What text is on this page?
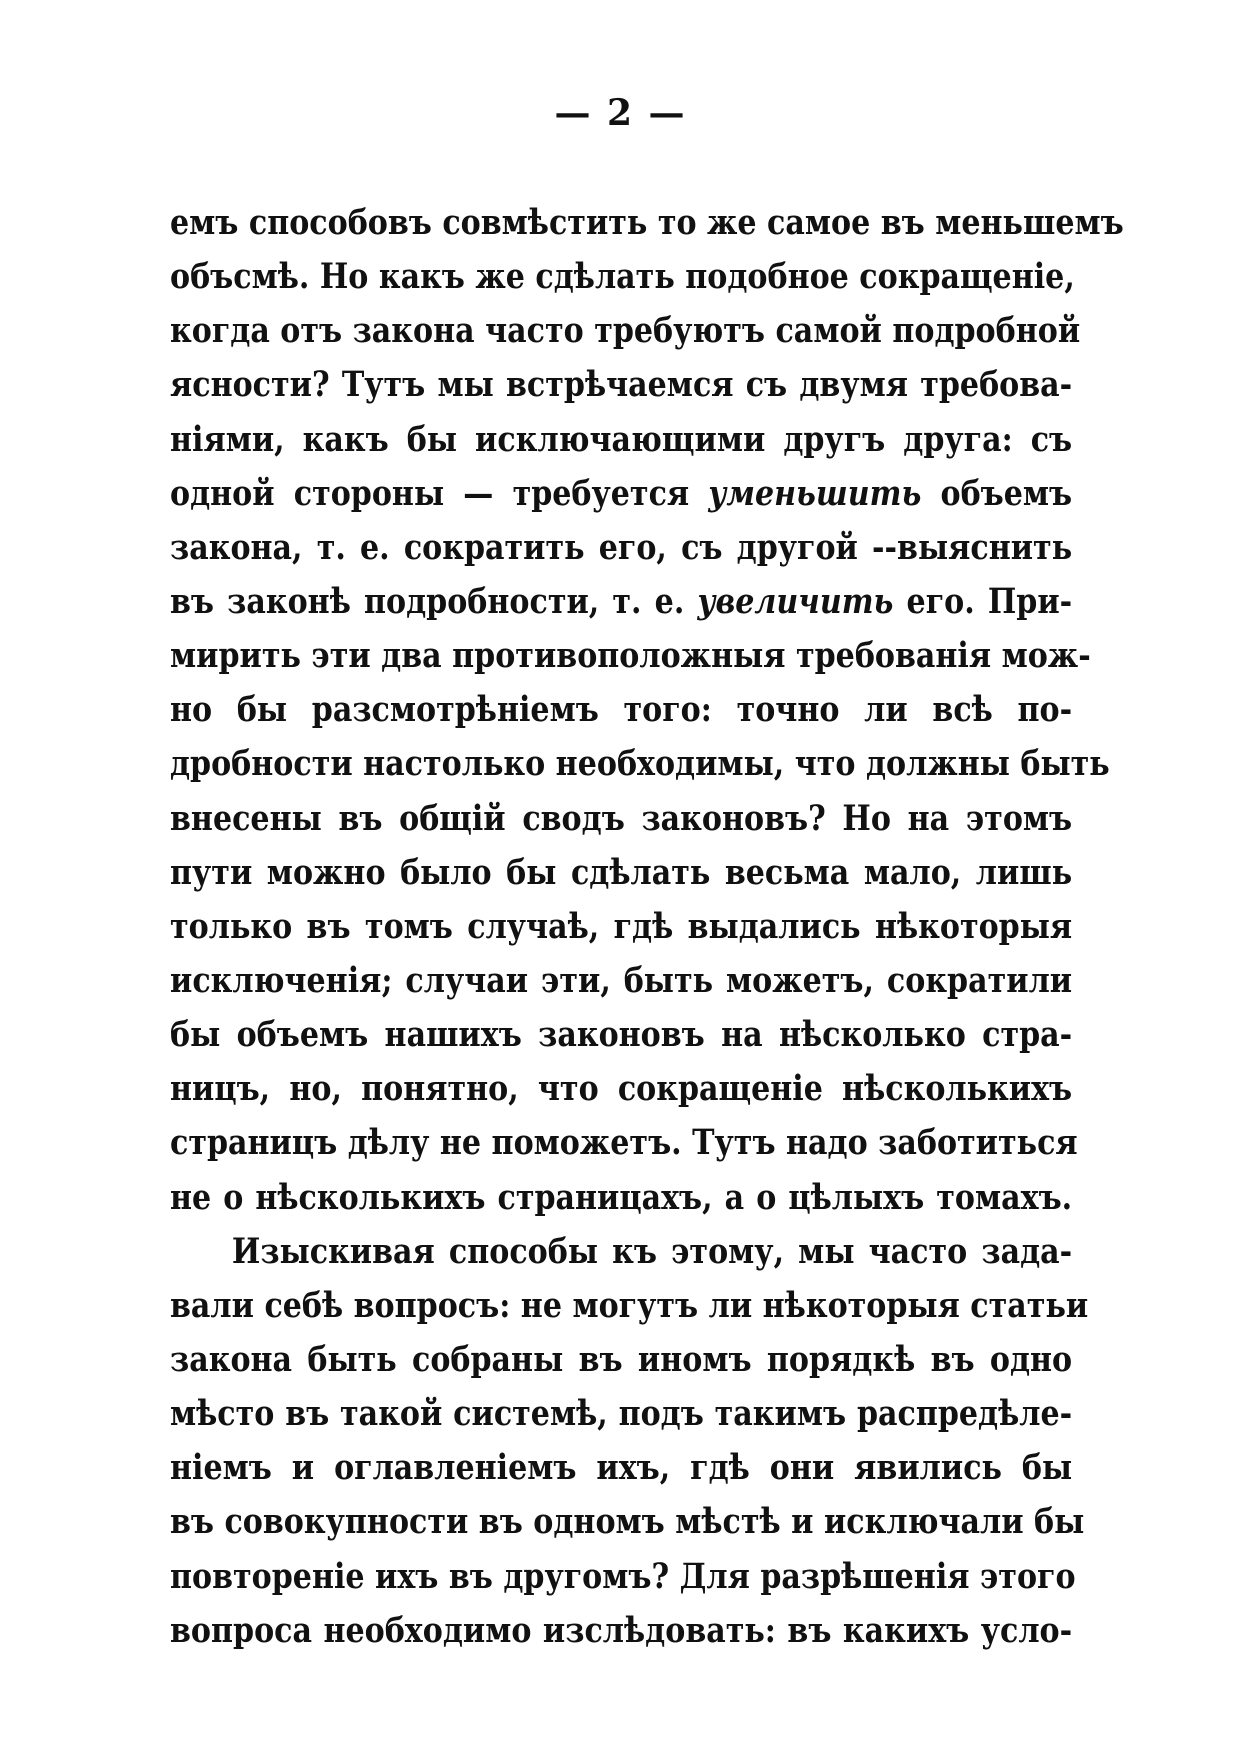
— 2 —
емъ способовъ совмѣстить то же самое въ меньшемъ
объсмѣ. Но какъ же сдѣлать подобное сокращеніе,
когда отъ закона часто требуютъ самой подробной
ясности? Тутъ мы встрѣчаемся съ двумя требова-
ніями, какъ бы исключающими другъ друга: съ
одной стороны — требуется уменьшить объемъ
закона, т. е. сократить его, съ другой --выяснить
въ законѣ подробности, т. е. увеличить его. При-
мирить эти два противоположныя требованія мож-
но бы разсмотрѣніемъ того: точно ли всѣ по-
дробности настолько необходимы, что должны быть
внесены въ общій сводъ законовъ? Но на этомъ
пути можно было бы сдѣлать весьма мало, лишь
только въ томъ случаѣ, гдѣ выдались нѣкоторыя
исключенія; случаи эти, быть можетъ, сократили
бы объемъ нашихъ законовъ на нѣсколько стра-
ницъ, но, понятно, что сокращеніе нѣсколькихъ
страницъ дѣлу не поможетъ. Тутъ надо заботиться
не о нѣсколькихъ страницахъ, а о цѣлыхъ томахъ.
Изыскивая способы къ этому, мы часто зада-
вали себѣ вопросъ: не могутъ ли нѣкоторыя статьи
закона быть собраны въ иномъ порядкѣ въ одно
мѣсто въ такой системѣ, подъ такимъ распредѣле-
ніемъ и оглавленіемъ ихъ, гдѣ они явились бы
въ совокупности въ одномъ мѣстѣ и исключали бы
повтореніе ихъ въ другомъ? Для разрѣшенія этого
вопроса необходимо изслѣдовать: въ какихъ усло-
